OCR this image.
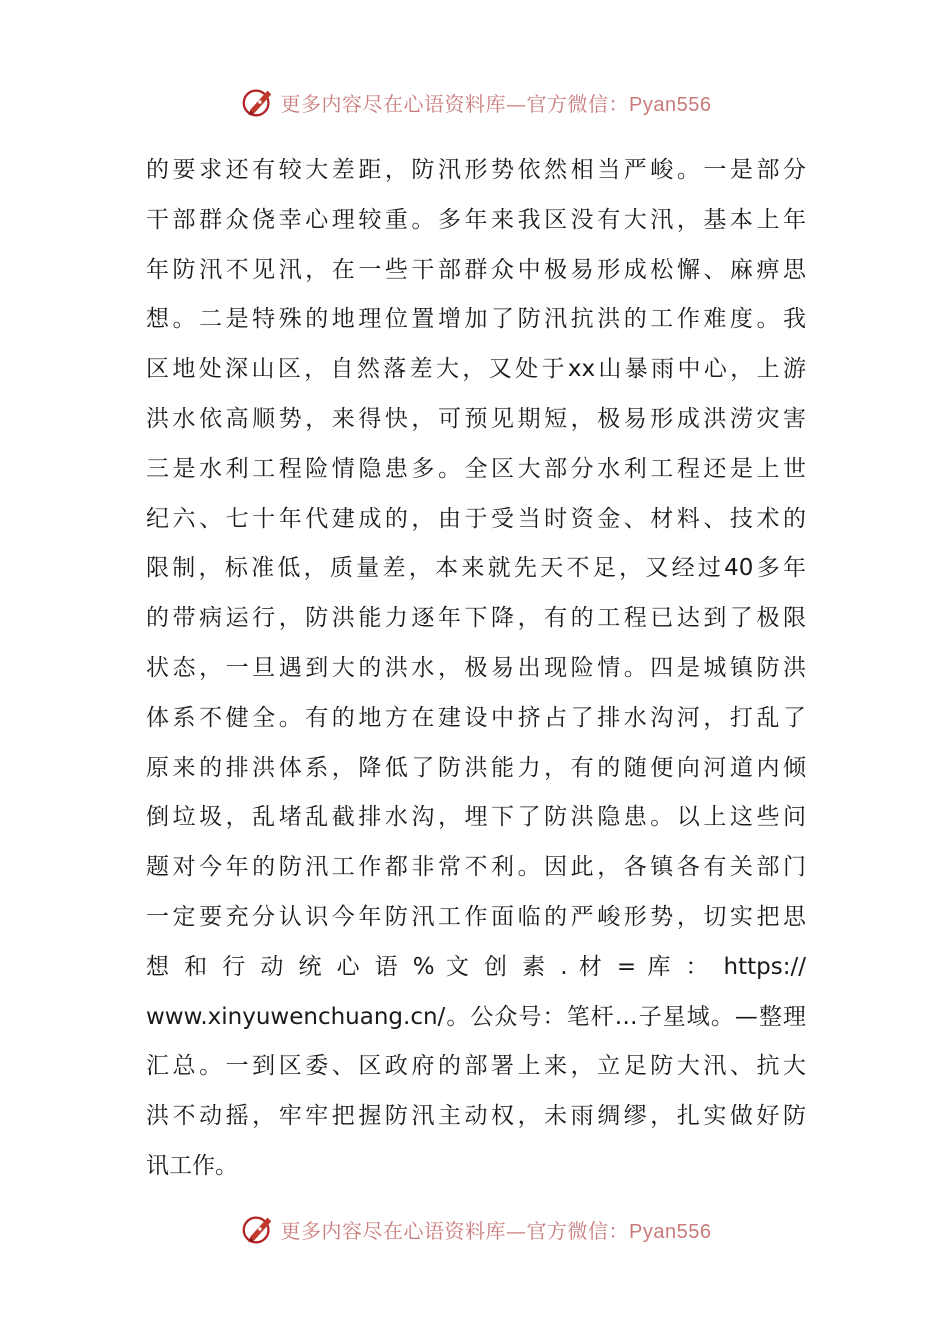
更多内容尽在心语资料库—官方微信：Pyan556
的要求还有较大差距，防汛形势依然相当严峻。一是部分
干部群众侥幸心理较重。多年来我区没有大汛，基本上年
年防汛不见汛，在一些干部群众中极易形成松懈、麻痹思
想。二是特殊的地理位置增加了防汛抗洪的工作难度。我
区地处深山区，自然落差大，又处于xx山暴雨中心，上游
洪水依高顺势，来得快，可预见期短，极易形成洪涝灾害
三是水利工程险情隐患多。全区大部分水利工程还是上世
纪六、七十年代建成的，由于受当时资金、材料、技术的
限制，标准低，质量差，本来就先天不足，又经过40多年
的带病运行，防洪能力逐年下降，有的工程已达到了极限
状态，一旦遇到大的洪水，极易出现险情。四是城镇防洪
体系不健全。有的地方在建设中挤占了排水沟河，打乱了
原来的排洪体系，降低了防洪能力，有的随便向河道内倾
倒垃圾，乱堵乱截排水沟，埋下了防洪隐患。以上这些问
题对今年的防汛工作都非常不利。因此，各镇各有关部门
一定要充分认识今年防汛工作面临的严峻形势，切实把思
想 和 行 动 统 心 语 % 文 创 素 . 材 = 库 ： https://
www.xinyuwenchuang.cn/。公众号：笔杆…子星域。—整理
汇总。一到区委、区政府的部署上来，立足防大汛、抗大
洪不动摇，牢牢把握防汛主动权，未雨绸缪，扎实做好防
讯工作。
更多内容尽在心语资料库—官方微信：Pyan556
